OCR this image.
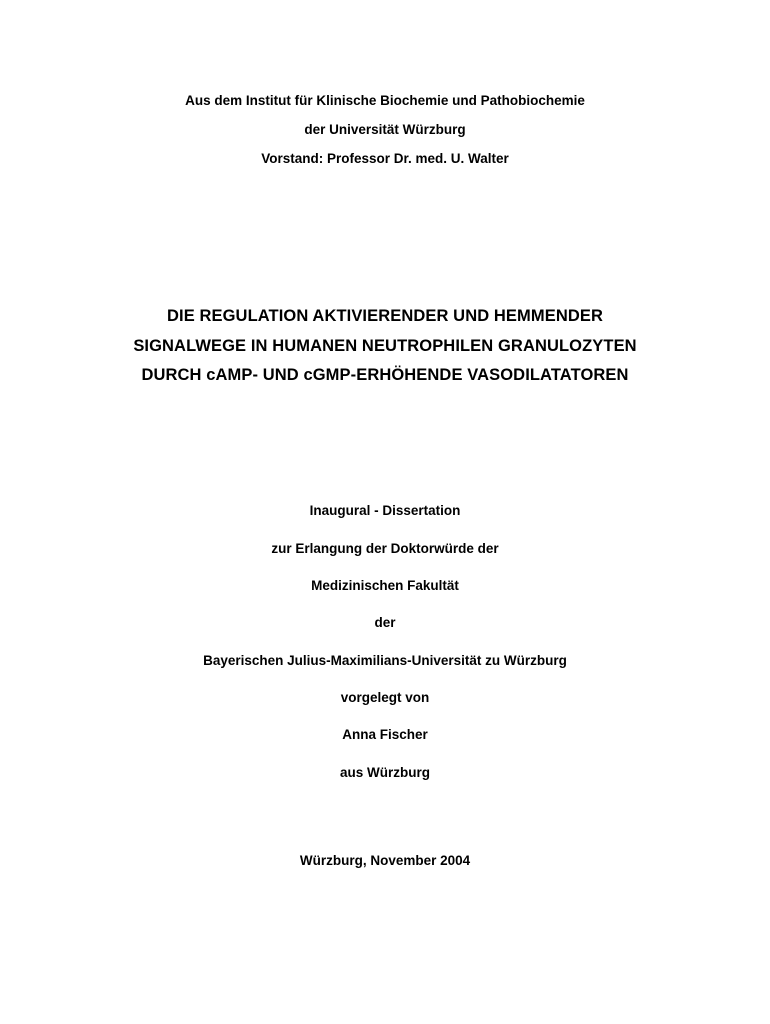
Aus dem Institut für Klinische Biochemie und Pathobiochemie
der Universität Würzburg
Vorstand: Professor Dr. med. U. Walter
DIE REGULATION AKTIVIERENDER UND HEMMENDER
SIGNALWEGE IN HUMANEN NEUTROPHILEN GRANULOZYTEN
DURCH cAMP- UND cGMP-ERHÖHENDE VASODILATATOREN
Inaugural - Dissertation
zur Erlangung der Doktorwürde der
Medizinischen Fakultät
der
Bayerischen Julius-Maximilians-Universität zu Würzburg
vorgelegt von
Anna Fischer
aus Würzburg
Würzburg, November 2004
